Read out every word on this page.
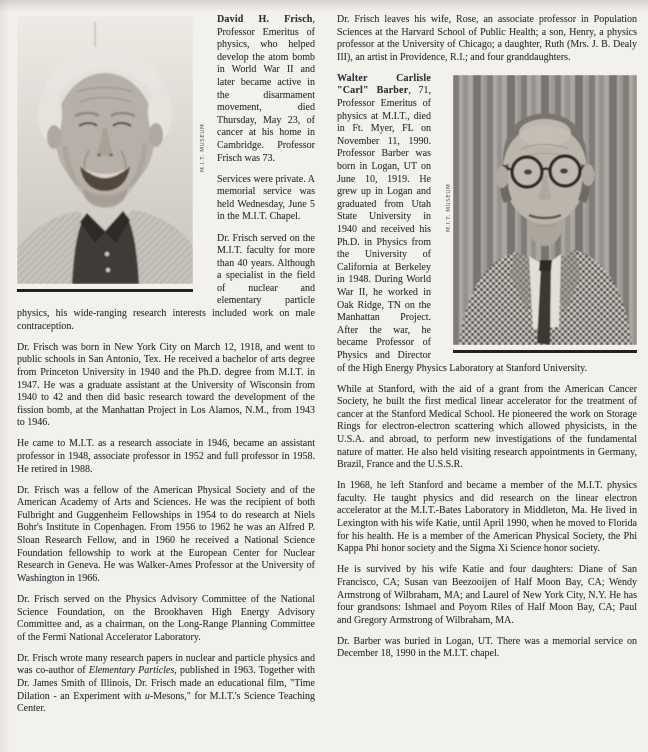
M.I.T. MUSEUM

David H. Frisch, Professor Emeritus of physics, who helped develop the atom bomb in World War II and later became active in the disarmament movement, died Thursday, May 23, of cancer at his home in Cambridge. Professor Frisch was 73.

Services were private. A memorial service was held Wednesday, June 5 in the M.I.T. Chapel.

Dr. Frisch served on the M.I.T. faculty for more than 40 years. Although a specialist in the field of nuclear and elementary particle physics, his wide-ranging research interests included work on male contraception.

Dr. Frisch was born in New York City on March 12, 1918, and went to public schools in San Antonio, Tex. He received a bachelor of arts degree from Princeton University in 1940 and the Ph.D. degree from M.I.T. in 1947. He was a graduate assistant at the University of Wisconsin from 1940 to 42 and then did basic research toward the development of the fission bomb, at the Manhattan Project in Los Alamos, N.M., from 1943 to 1946.

He came to M.I.T. as a research associate in 1946, became an assistant professor in 1948, associate professor in 1952 and full professor in 1958. He retired in 1988.

Dr. Frisch was a fellow of the American Physical Society and of the American Academy of Arts and Sciences. He was the recipient of both Fulbright and Guggenheim Fellowships in 1954 to do research at Niels Bohr's Institute in Copenhagen. From 1956 to 1962 he was an Alfred P. Sloan Research Fellow, and in 1960 he received a National Science Foundation fellowship to work at the European Center for Nuclear Research in Geneva. He was Walker-Ames Professor at the University of Washington in 1966.

Dr. Frisch served on the Physics Advisory Committee of the National Science Foundation, on the Brookhaven High Energy Advisory Committee and, as a chairman, on the Long-Range Planning Committee of the Fermi National Accelerator Laboratory.

Dr. Frisch wrote many research papers in nuclear and particle physics and was co-author of Elementary Particles, published in 1963. Together with Dr. James Smith of Illinois, Dr. Frisch made an educational film, "Time Dilation - an Experiment with u-Mesons," for M.I.T.'s Science Teaching Center.

Dr. Frisch leaves his wife, Rose, an associate professor in Population Sciences at the Harvard School of Public Health; a son, Henry, a physics professor at the University of Chicago; a daughter, Ruth (Mrs. J. B. Dealy III), an artist in Providence, R.I.; and four granddaughters.

M.I.T. MUSEUM

Walter Carlisle "Carl" Barber, 71, Professor Emeritus of physics at M.I.T., died in Ft. Myer, FL on November 11, 1990. Professor Barber was born in Logan, UT on June 10, 1919. He grew up in Logan and graduated from Utah State University in 1940 and received his Ph.D. in Physics from the University of California at Berkeley in 1948. During World War II, he worked in Oak Ridge, TN on the Manhattan Project. After the war, he became Professor of Physics and Director of the High Energy Physics Laboratory at Stanford University.

While at Stanford, with the aid of a grant from the American Cancer Society, he built the first medical linear accelerator for the treatment of cancer at the Stanford Medical School. He pioneered the work on Storage Rings for electron-electron scattering which allowed physicists, in the U.S.A. and abroad, to perform new investigations of the fundamental nature of matter. He also held visiting research appointments in Germany, Brazil, France and the U.S.S.R.

In 1968, he left Stanford and became a member of the M.I.T. physics faculty. He taught physics and did research on the linear electron accelerator at the M.I.T.-Bates Laboratory in Middleton, Ma. He lived in Lexington with his wife Katie, until April 1990, when he moved to Florida for his health. He is a member of the American Physical Society, the Phi Kappa Phi honor society and the Sigma Xi Science honor society.

He is survived by his wife Katie and four daughters: Diane of San Francisco, CA; Susan van Beezooijen of Half Moon Bay, CA; Wendy Armstrong of Wilbraham, MA; and Laurel of New York City, N.Y. He has four grandsons: Ishmael and Poyom Riles of Half Moon Bay, CA; Paul and Gregory Armstrong of Wilbraham, MA.

Dr. Barber was buried in Logan, UT. There was a memorial service on December 18, 1990 in the M.I.T. chapel.
